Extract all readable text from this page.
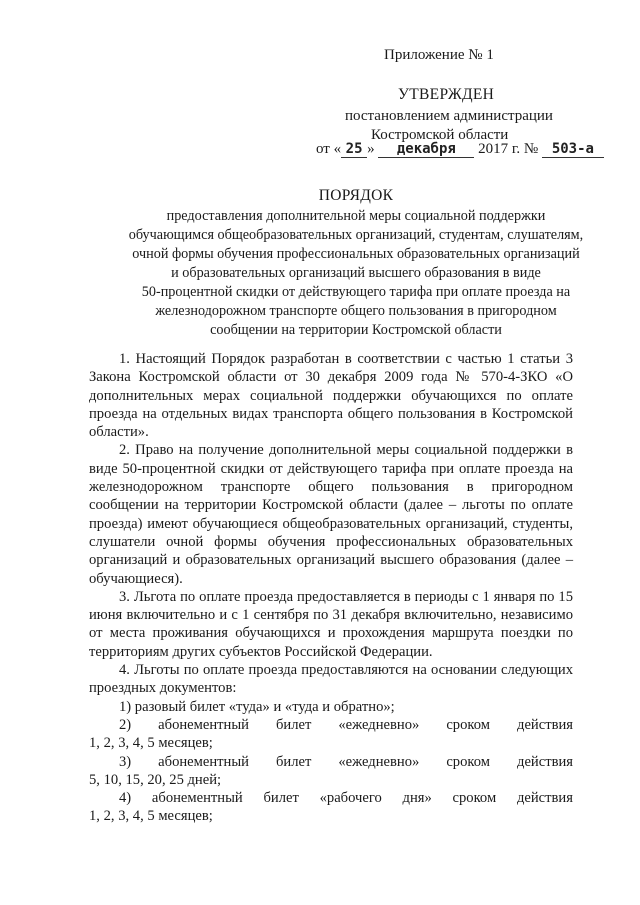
Приложение № 1
УТВЕРЖДЕН
постановлением администрации
Костромской области
от « 25 » декабря 2017 г. № 503-а
ПОРЯДОК
предоставления дополнительной меры социальной поддержки
обучающимся общеобразовательных организаций, студентам, слушателям,
очной формы обучения профессиональных образовательных организаций
и образовательных организаций высшего образования в виде
50-процентной скидки от действующего тарифа при оплате проезда на
железнодорожном транспорте общего пользования в пригородном
сообщении на территории Костромской области

1. Настоящий Порядок разработан в соответствии с частью 1 статьи 3 Закона Костромской области от 30 декабря 2009 года № 570-4-ЗКО «О дополнительных мерах социальной поддержки обучающихся по оплате проезда на отдельных видах транспорта общего пользования в Костромской области».

2. Право на получение дополнительной меры социальной поддержки в виде 50-процентной скидки от действующего тарифа при оплате проезда на железнодорожном транспорте общего пользования в пригородном сообщении на территории Костромской области (далее – льготы по оплате проезда) имеют обучающиеся общеобразовательных организаций, студенты, слушатели очной формы обучения профессиональных образовательных организаций и образовательных организаций высшего образования (далее – обучающиеся).

3. Льгота по оплате проезда предоставляется в периоды с 1 января по 15 июня включительно и с 1 сентября по 31 декабря включительно, независимо от места проживания обучающихся и прохождения маршрута поездки по территориям других субъектов Российской Федерации.

4. Льготы по оплате проезда предоставляются на основании следующих проездных документов:

1) разовый билет «туда» и «туда и обратно»;
2) абонементный билет «ежедневно» сроком действия
1, 2, 3, 4, 5 месяцев;
3) абонементный билет «ежедневно» сроком действия
5, 10, 15, 20, 25 дней;
4) абонементный билет «рабочего дня» сроком действия
1, 2, 3, 4, 5 месяцев;
